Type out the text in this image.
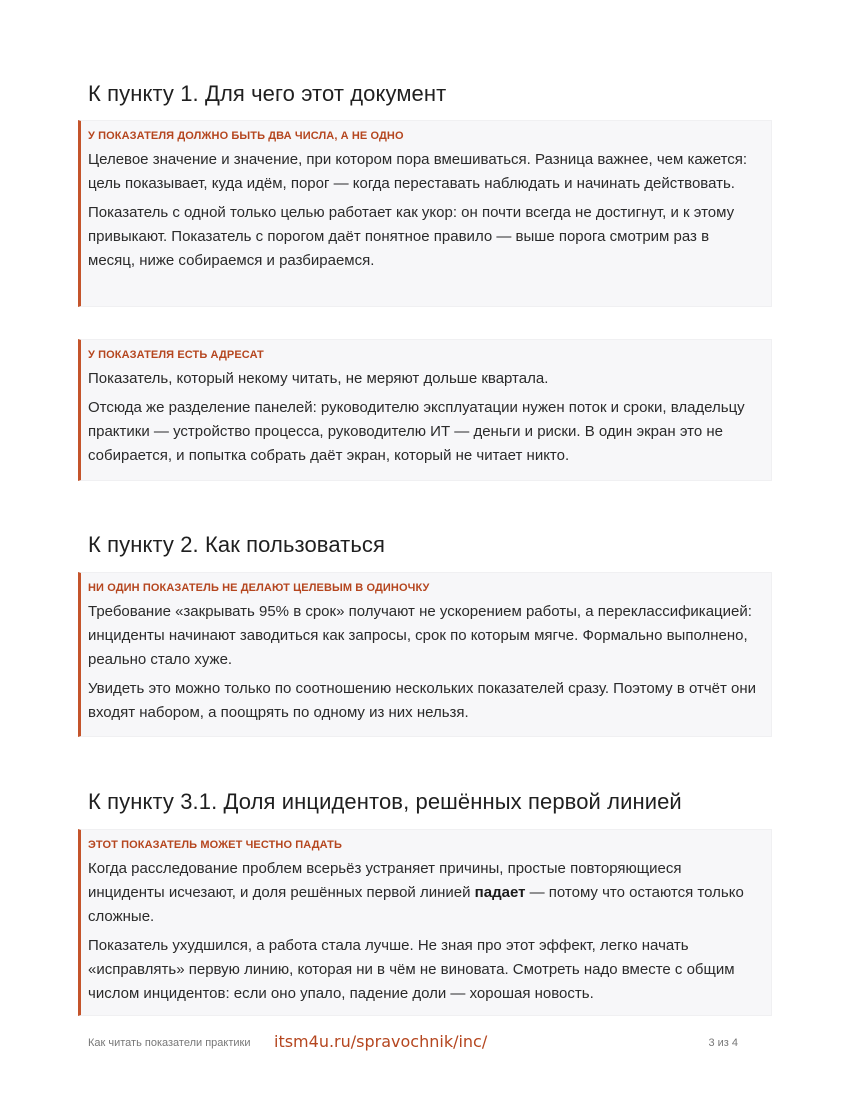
К пункту 1. Для чего этот документ
У ПОКАЗАТЕЛЯ ДОЛЖНО БЫТЬ ДВА ЧИСЛА, А НЕ ОДНО

Целевое значение и значение, при котором пора вмешиваться. Разница важнее, чем кажется: цель показывает, куда идём, порог — когда переставать наблюдать и начинать действовать.

Показатель с одной только целью работает как укор: он почти всегда не достигнут, и к этому привыкают. Показатель с порогом даёт понятное правило — выше порога смотрим раз в месяц, ниже собираемся и разбираемся.

У ПОКАЗАТЕЛЯ ЕСТЬ АДРЕСАТ

Показатель, который некому читать, не меряют дольше квартала.

Отсюда же разделение панелей: руководителю эксплуатации нужен поток и сроки, владельцу практики — устройство процесса, руководителю ИТ — деньги и риски. В один экран это не собирается, и попытка собрать даёт экран, который не читает никто.

К пункту 2. Как пользоваться
НИ ОДИН ПОКАЗАТЕЛЬ НЕ ДЕЛАЮТ ЦЕЛЕВЫМ В ОДИНОЧКУ

Требование «закрывать 95% в срок» получают не ускорением работы, а переклассификацией: инциденты начинают заводиться как запросы, срок по которым мягче. Формально выполнено, реально стало хуже.

Увидеть это можно только по соотношению нескольких показателей сразу. Поэтому в отчёт они входят набором, а поощрять по одному из них нельзя.

К пункту 3.1. Доля инцидентов, решённых первой линией
ЭТОТ ПОКАЗАТЕЛЬ МОЖЕТ ЧЕСТНО ПАДАТЬ

Когда расследование проблем всерьёз устраняет причины, простые повторяющиеся инциденты исчезают, и доля решённых первой линией падает — потому что остаются только сложные.

Показатель ухудшился, а работа стала лучше. Не зная про этот эффект, легко начать «исправлять» первую линию, которая ни в чём не виновата. Смотреть надо вместе с общим числом инцидентов: если оно упало, падение доли — хорошая новость.

Как читать показатели практики itsm4u.ru/spravochnik/inc/	3 из 4
